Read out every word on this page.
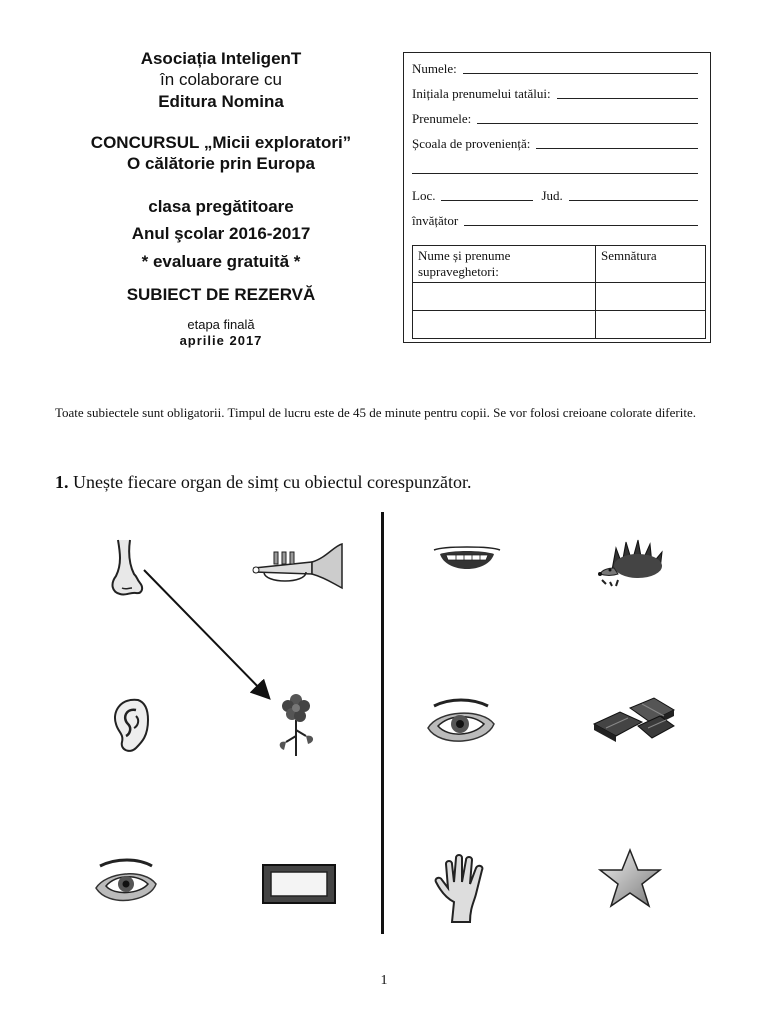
Asociația InteligenT
în colaborare cu
Editura Nomina
CONCURSUL „Micii exploratori”
O călătorie prin Europa
clasa pregătitoare
Anul şcolar 2016-2017
* evaluare gratuită *
SUBIECT DE REZERVĂ
etapa finală
aprilie 2017
Numele:
Inițiala prenumelui tatălui:
Prenumele:
Școala de proveniență:
Loc.	Jud.
învățător
Nume și prenume supraveghetori:	Semnătura

Toate subiectele sunt obligatorii. Timpul de lucru este de 45 de minute pentru copii. Se vor folosi creioane colorate diferite.
1. Unește fiecare organ de simț cu obiectul corespunzător.
1
